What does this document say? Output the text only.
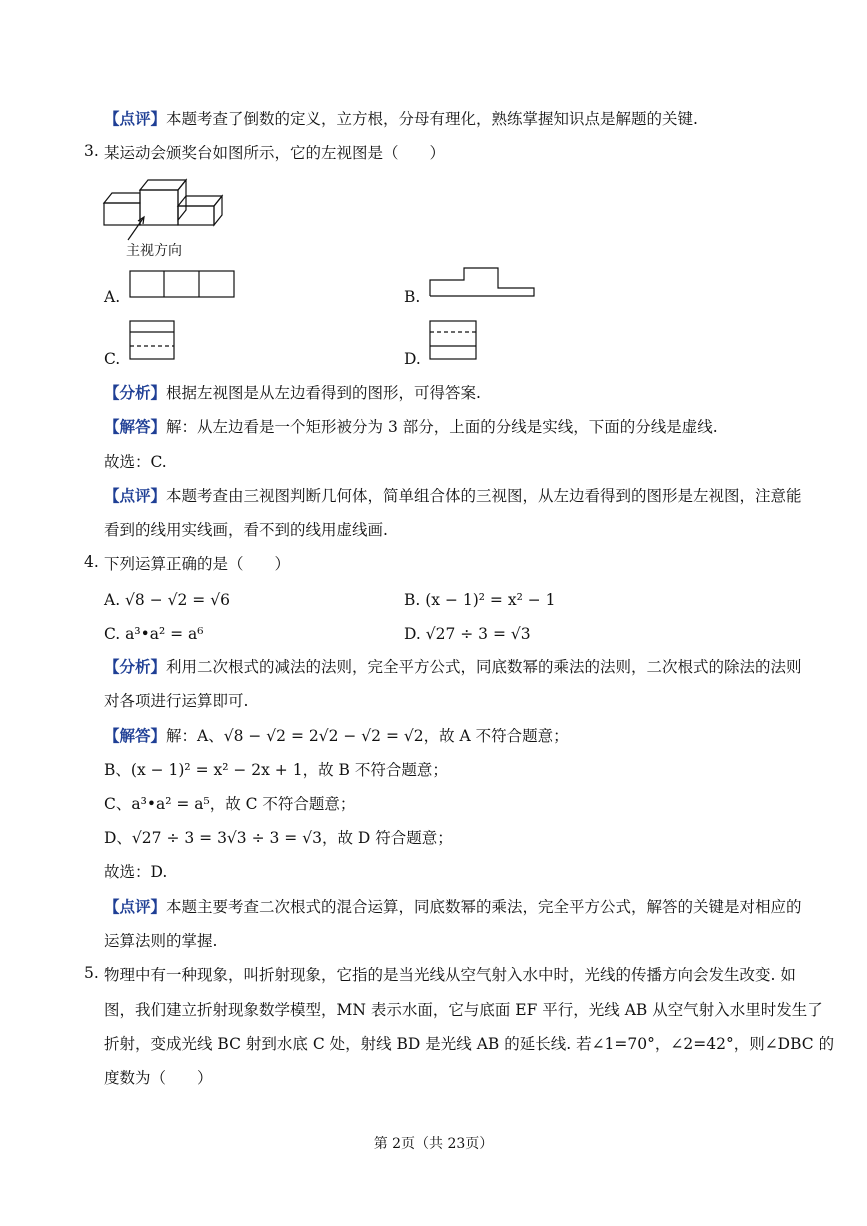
【点评】本题考查了倒数的定义，立方根，分母有理化，熟练掌握知识点是解题的关键.
3. 某运动会颁奖台如图所示，它的左视图是（　　）
主视方向
A.	B.
C.	D.
【分析】根据左视图是从左边看得到的图形，可得答案.
【解答】解：从左边看是一个矩形被分为 3 部分，上面的分线是实线，下面的分线是虚线.
故选：C.
【点评】本题考查由三视图判断几何体，简单组合体的三视图，从左边看得到的图形是左视图，注意能
看到的线用实线画，看不到的线用虚线画.
4. 下列运算正确的是（　　）
A. √8 − √2 = √6	B. (x − 1)² = x² − 1
C. a³•a² = a⁶	D. √27 ÷ 3 = √3
【分析】利用二次根式的减法的法则，完全平方公式，同底数幂的乘法的法则，二次根式的除法的法则
对各项进行运算即可.
【解答】解：A、√8 − √2 = 2√2 − √2 = √2，故 A 不符合题意；
B、(x − 1)² = x² − 2x + 1，故 B 不符合题意；
C、a³•a² = a⁵，故 C 不符合题意；
D、√27 ÷ 3 = 3√3 ÷ 3 = √3，故 D 符合题意；
故选：D.
【点评】本题主要考查二次根式的混合运算，同底数幂的乘法，完全平方公式，解答的关键是对相应的
运算法则的掌握.
5. 物理中有一种现象，叫折射现象，它指的是当光线从空气射入水中时，光线的传播方向会发生改变. 如
图，我们建立折射现象数学模型，MN 表示水面，它与底面 EF 平行，光线 AB 从空气射入水里时发生了
折射，变成光线 BC 射到水底 C 处，射线 BD 是光线 AB 的延长线. 若∠1=70°，∠2=42°，则∠DBC 的
度数为（　　）
第 2页（共 23页）
